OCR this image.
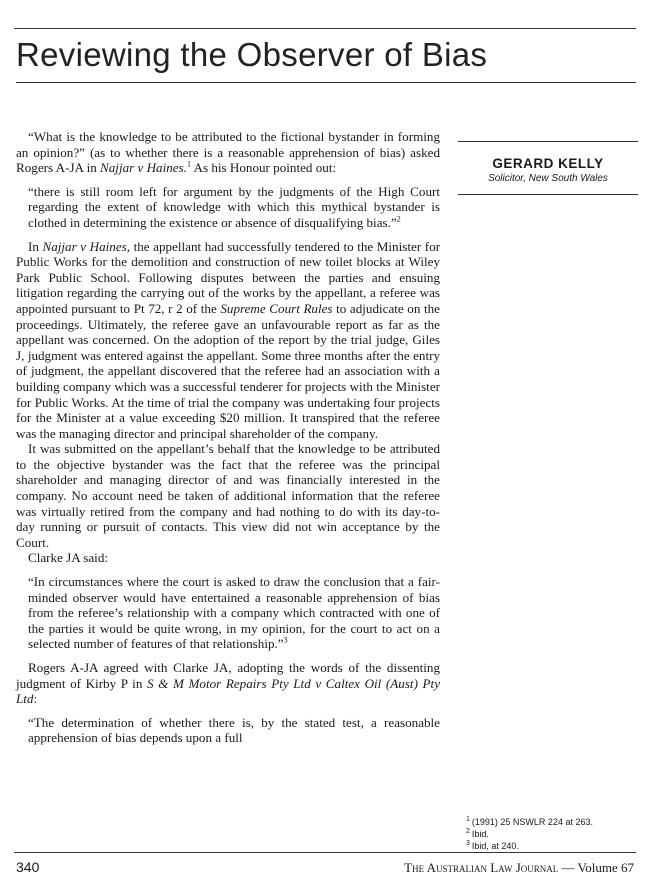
Reviewing the Observer of Bias
GERARD KELLY
Solicitor, New South Wales

“What is the knowledge to be attributed to the fictional bystander in forming an opinion?” (as to whether there is a reasonable apprehension of bias) asked Rogers A-JA in Najjar v Haines.$^1$ As his Honour pointed out:

“there is still room left for argument by the judgments of the High Court regarding the extent of knowledge with which this mythical bystander is clothed in determining the existence or absence of disqualifying bias.”$^2$

In Najjar v Haines, the appellant had successfully tendered to the Minister for Public Works for the demolition and construction of new toilet blocks at Wiley Park Public School. Following disputes between the parties and ensuing litigation regarding the carrying out of the works by the appellant, a referee was appointed pursuant to Pt 72, r 2 of the Supreme Court Rules to adjudicate on the proceedings. Ultimately, the referee gave an unfavourable report as far as the appellant was concerned. On the adoption of the report by the trial judge, Giles J, judgment was entered against the appellant. Some three months after the entry of judgment, the appellant discovered that the referee had an association with a building company which was a successful tenderer for projects with the Minister for Public Works. At the time of trial the company was undertaking four projects for the Minister at a value exceeding $20 million. It transpired that the referee was the managing director and principal shareholder of the company.

It was submitted on the appellant’s behalf that the knowledge to be attributed to the objective bystander was the fact that the referee was the principal shareholder and managing director of and was financially interested in the company. No account need be taken of additional information that the referee was virtually retired from the company and had nothing to do with its day-to-day running or pursuit of contacts. This view did not win acceptance by the Court.

Clarke JA said:

“In circumstances where the court is asked to draw the conclusion that a fair-minded observer would have entertained a reasonable apprehension of bias from the referee’s relationship with a company which contracted with one of the parties it would be quite wrong, in my opinion, for the court to act on a selected number of features of that relationship.”$^3$

Rogers A-JA agreed with Clarke JA, adopting the words of the dissenting judgment of Kirby P in S & M Motor Repairs Pty Ltd v Caltex Oil (Aust) Pty Ltd:

“The determination of whether there is, by the stated test, a reasonable apprehension of bias depends upon a full

$^1$ (1991) 25 NSWLR 224 at 263.
$^2$ Ibid.
$^3$ Ibid, at 240.
340	The Australian Law Journal — Volume 67
